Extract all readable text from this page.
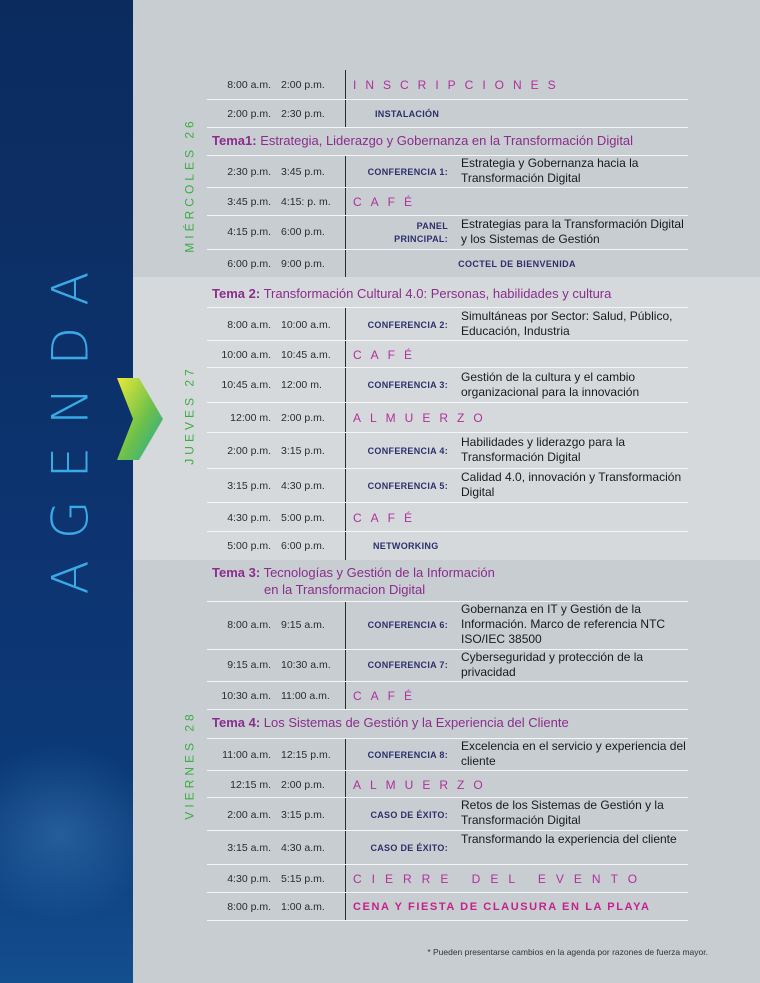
AGENDA
MIÉRCOLES 26
JUEVES 27
VIERNES 28
8:00 a.m. 2:00 p.m.	INSCRIPCIONES
2:00 p.m. 2:30 p.m.	INSTALACIÓN
Tema1: Estrategia, Liderazgo y Gobernanza en la Transformación Digital
2:30 p.m. 3:45 p.m.	CONFERENCIA 1:
Estrategia y Gobernanza hacia la Transformación Digital
3:45 p.m. 4:15: p. m.	CAFÉ
4:15 p.m. 6:00 p.m.	PANEL PRINCIPAL:
Estrategias para la Transformación Digital y los Sistemas de Gestión
6:00 p.m. 9:00 p.m.	COCTEL DE BIENVENIDA
Tema 2: Transformación Cultural 4.0: Personas, habilidades y cultura
8:00 a.m. 10:00 a.m.	CONFERENCIA 2:
Simultáneas por Sector: Salud, Público, Educación, Industria
10:00 a.m. 10:45 a.m.	CAFÉ
10:45 a.m. 12:00 m.	CONFERENCIA 3:
Gestión de la cultura y el cambio organizacional para la innovación
12:00 m. 2:00 p.m.	ALMUERZO
2:00 p.m. 3:15 p.m.	CONFERENCIA 4:
Habilidades y liderazgo para la Transformación Digital
3:15 p.m. 4:30 p.m.	CONFERENCIA 5:
Calidad 4.0, innovación y Transformación Digital
4:30 p.m. 5:00 p.m.	CAFÉ
5:00 p.m. 6:00 p.m.	NETWORKING
Tema 3: Tecnologías y Gestión de la Información
en la Transformacion Digital
8:00 a.m. 9:15 a.m.	CONFERENCIA 6:
Gobernanza en IT y Gestión de la Información. Marco de referencia NTC ISO/IEC 38500
9:15 a.m. 10:30 a.m.	CONFERENCIA 7:
Cyberseguridad y protección de la privacidad
10:30 a.m. 11:00 a.m.	CAFÉ
Tema 4: Los Sistemas de Gestión y la Experiencia del Cliente
11:00 a.m. 12:15 p.m.	CONFERENCIA 8:
Excelencia en el servicio y experiencia del cliente
12:15 m. 2:00 p.m.	ALMUERZO
2:00 a.m. 3:15 p.m.	CASO DE ÉXITO:
Retos de los Sistemas de Gestión y la Transformación Digital
3:15 a.m. 4:30 a.m.	CASO DE ÉXITO:
Transformando la experiencia del cliente
4:30 p.m. 5:15 p.m.	CIERRE DEL EVENTO
8:00 p.m. 1:00 a.m.	CENA Y FIESTA DE CLAUSURA EN LA PLAYA
* Pueden presentarse cambios en la agenda por razones de fuerza mayor.
